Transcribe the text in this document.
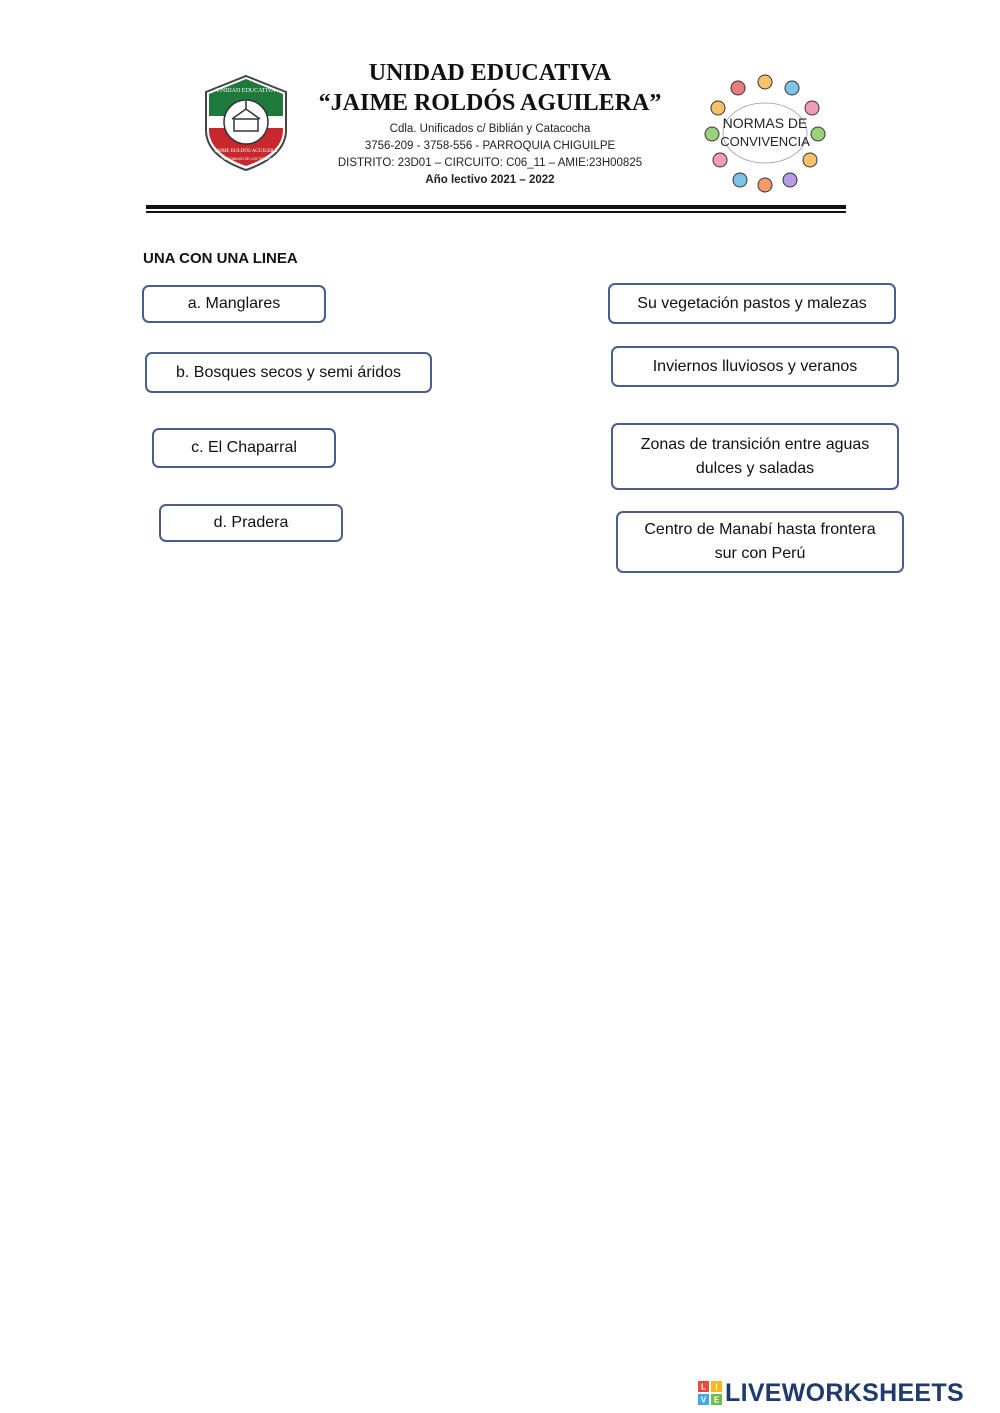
UNIDAD EDUCATIVA
JAIME ROLDÓS AGUILERA
SANTO DOMINGO DE LOS TSÁCHILAS
UNIDAD EDUCATIVA
“JAIME ROLDÓS AGUILERA”
Cdla. Unificados c/ Biblián y Catacocha
3756-209 - 3758-556 - PARROQUIA CHIGUILPE
DISTRITO: 23D01 – CIRCUITO: C06_11 – AMIE:23H00825
Año lectivo 2021 – 2022
NORMAS DE
CONVIVENCIA
UNA CON UNA LINEA
a. Manglares
b. Bosques secos y semi áridos
c. El Chaparral
d. Pradera
Su vegetación pastos y malezas
Inviernos lluviosos y veranos
Zonas de transición entre aguas
dulces y saladas
Centro de Manabí hasta frontera
sur con Perú
L I
V E LIVEWORKSHEETS
